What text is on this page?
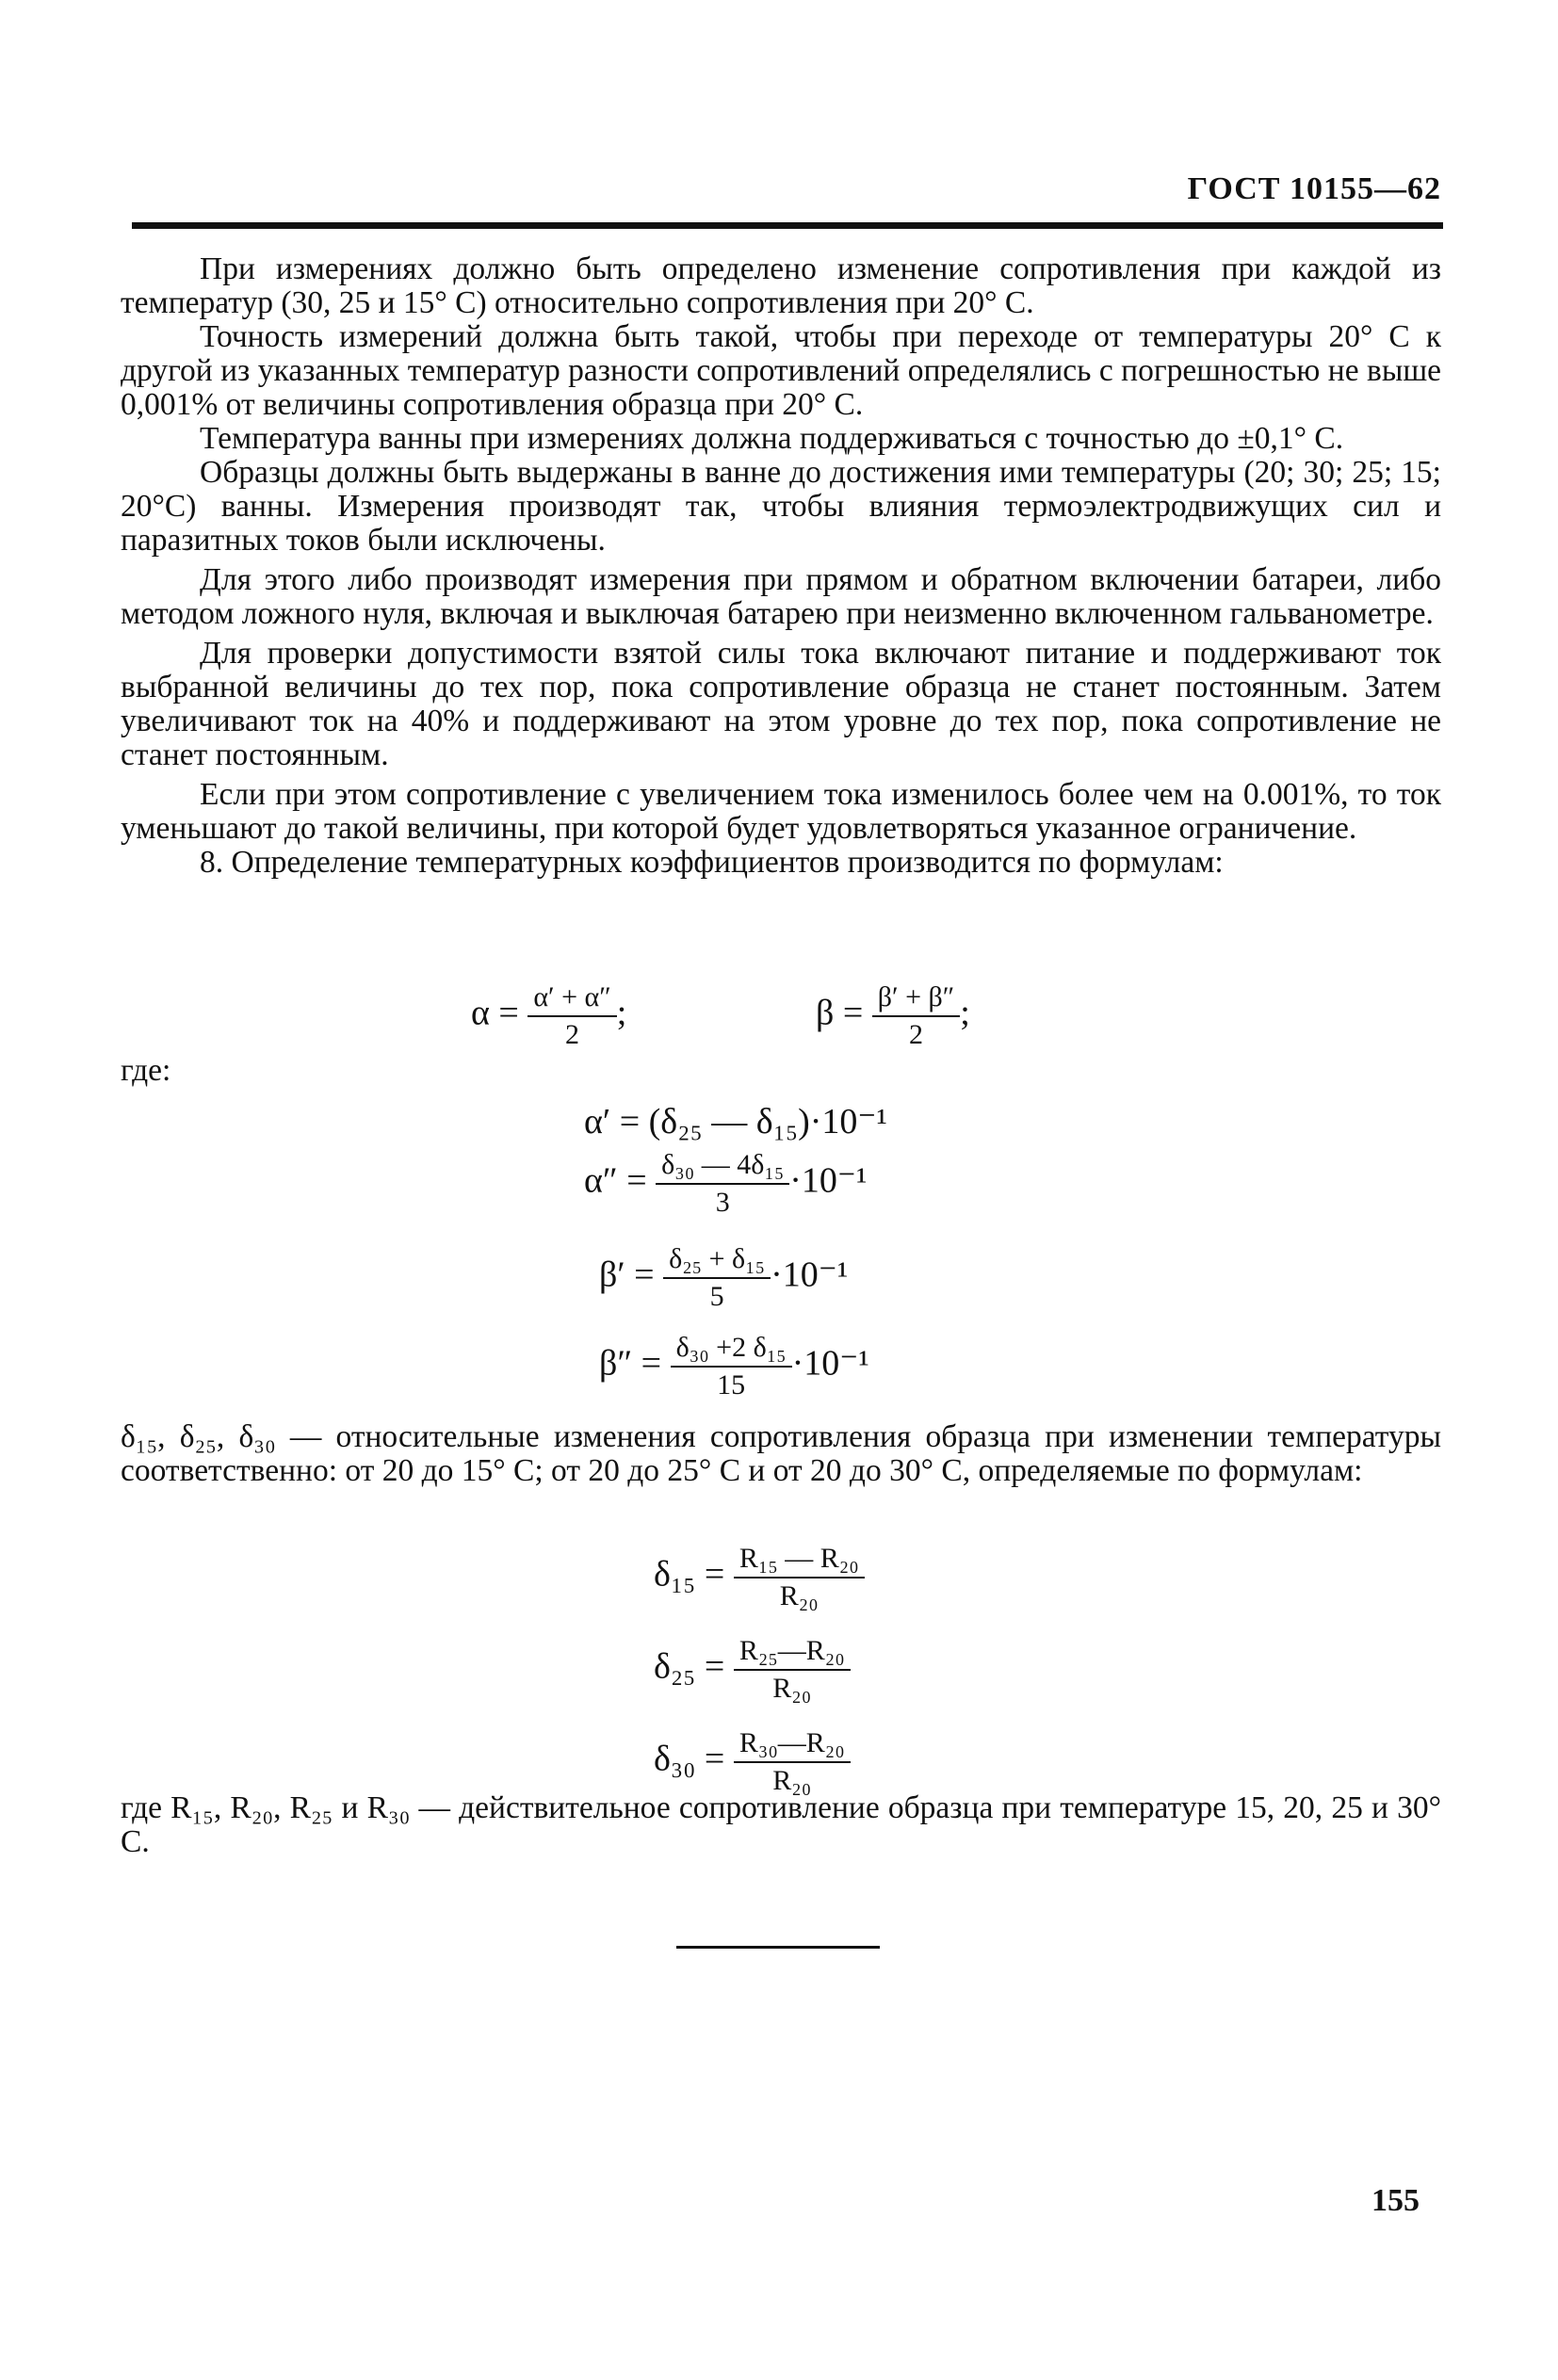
ГОСТ 10155—62

При измерениях должно быть определено изменение сопротивления при каждой из температур (30, 25 и 15° С) относительно сопротивления при 20° С.

Точность измерений должна быть такой, чтобы при переходе от температуры 20° С к другой из указанных температур разности сопротивлений определялись с погрешностью не выше 0,001% от величины сопротивления образца при 20° С.

Температура ванны при измерениях должна поддерживаться с точностью до ±0,1° С.

Образцы должны быть выдержаны в ванне до достижения ими температуры (20; 30; 25; 15; 20°С) ванны. Измерения производят так, чтобы влияния термоэлектродвижущих сил и паразитных токов были исключены.

Для этого либо производят измерения при прямом и обратном включении батареи, либо методом ложного нуля, включая и выключая батарею при неизменно включенном гальванометре.

Для проверки допустимости взятой силы тока включают питание и поддерживают ток выбранной величины до тех пор, пока сопротивление образца не станет постоянным. Затем увеличивают ток на 40% и поддерживают на этом уровне до тех пор, пока сопротивление не станет постоянным.

Если при этом сопротивление с увеличением тока изменилось более чем на 0.001%, то ток уменьшают до такой величины, при которой будет удовлетворяться указанное ограничение.

8. Определение температурных коэффициентов производится по формулам:

$\alpha = \frac{\alpha' + \alpha''}{2}$ ;	$\beta = \frac{\beta' + \beta''}{2}$ ;
где:
α′ = (δ₂₅ — δ₁₅)·10⁻¹
$\alpha'' = \frac{\text{δ₃₀ — 4δ₁₅}}{3} \cdot 10^{-1}$
$\beta' = \frac{\text{δ₂₅ + δ₁₅}}{5} \cdot 10^{-1}$
$\beta'' = \frac{\text{δ₃₀ +2 δ₁₅}}{15} \cdot 10^{-1}$
δ₁₅, δ₂₅, δ₃₀ — относительные изменения сопротивления образца при изменении температуры соответственно: от 20 до 15° С; от 20 до 25° С и от 20 до 30° С, определяемые по формулам:
$\delta_{15} = \frac{\text{R₁₅ — R₂₀}}{\text{R₂₀}}$
$\delta_{25} = \frac{\text{R₂₅—R₂₀}}{\text{R₂₀}}$
$\delta_{30} = \frac{\text{R₃₀—R₂₀}}{\text{R₂₀}}$
где R₁₅, R₂₀, R₂₅ и R₃₀ — действительное сопротивление образца при температуре 15, 20, 25 и 30° С.
155
